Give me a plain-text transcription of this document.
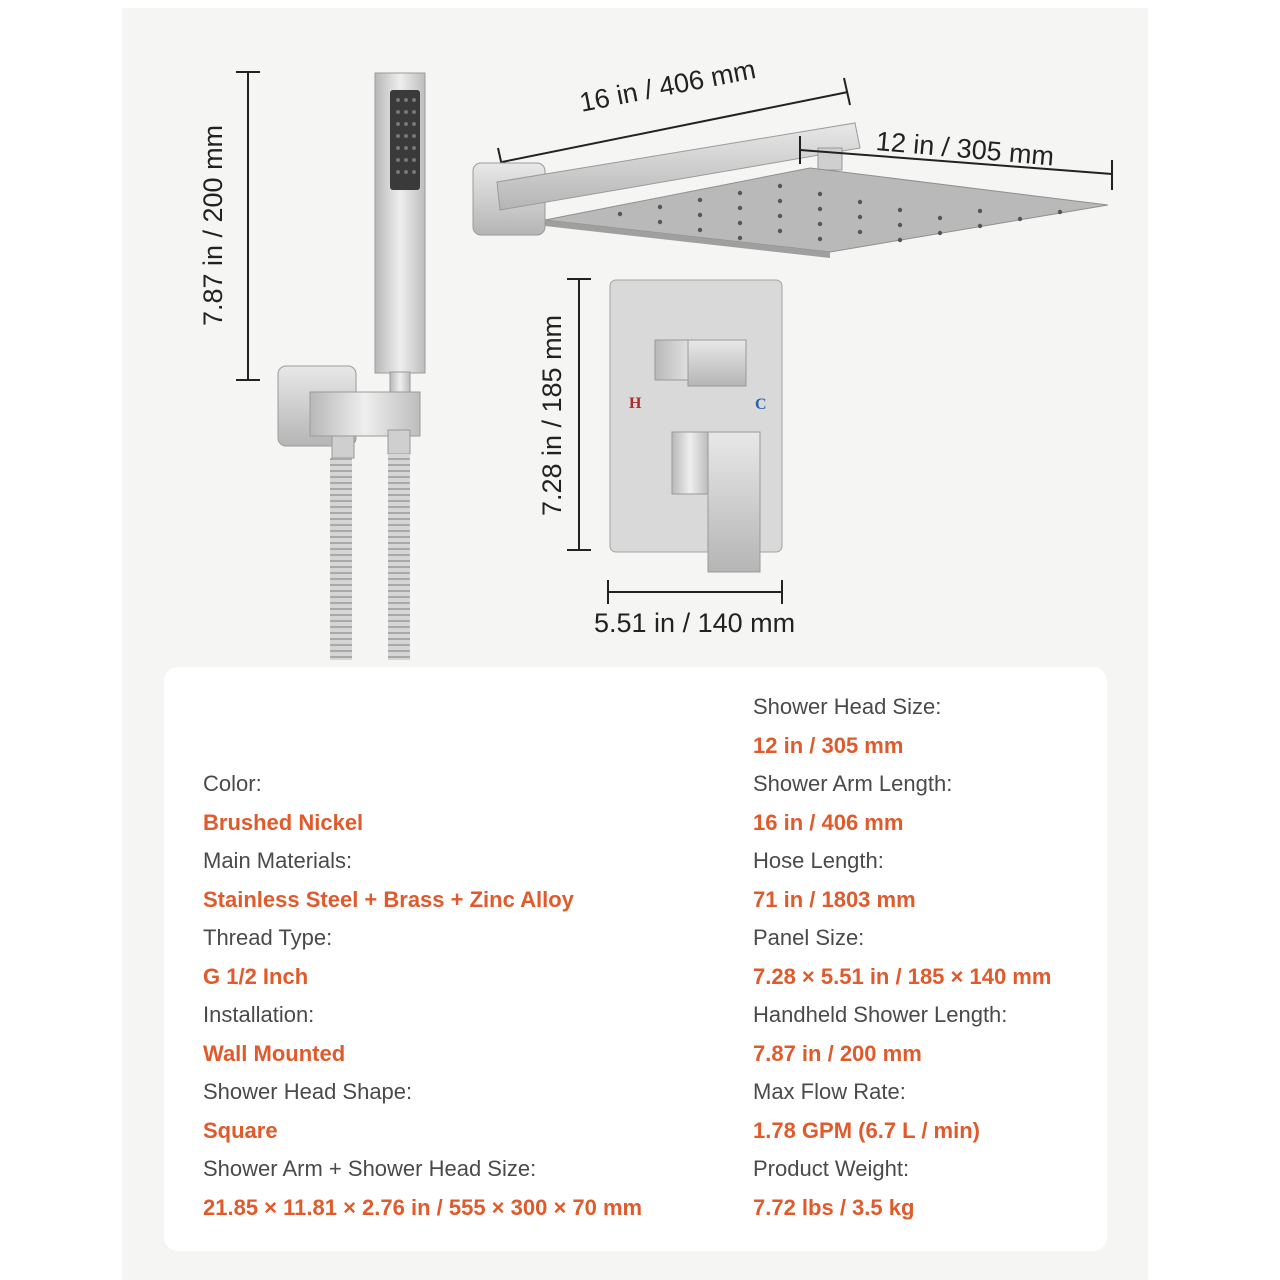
7.87 in / 200 mm
16 in / 406 mm
12 in / 305 mm
7.28 in / 185 mm
5.51 in / 140 mm
H	C
Color:
Brushed Nickel
Main Materials:
Stainless Steel + Brass + Zinc Alloy
Thread Type:
G 1/2 Inch
Installation:
Wall Mounted
Shower Head Shape:
Square
Shower Arm + Shower Head Size:
21.85 × 11.81 × 2.76 in / 555 × 300 × 70 mm
Shower Head Size:
12 in / 305 mm
Shower Arm Length:
16 in / 406 mm
Hose Length:
71 in / 1803 mm
Panel Size:
7.28 × 5.51 in / 185 × 140 mm
Handheld Shower Length:
7.87 in / 200 mm
Max Flow Rate:
1.78 GPM (6.7 L / min)
Product Weight:
7.72 lbs / 3.5 kg
